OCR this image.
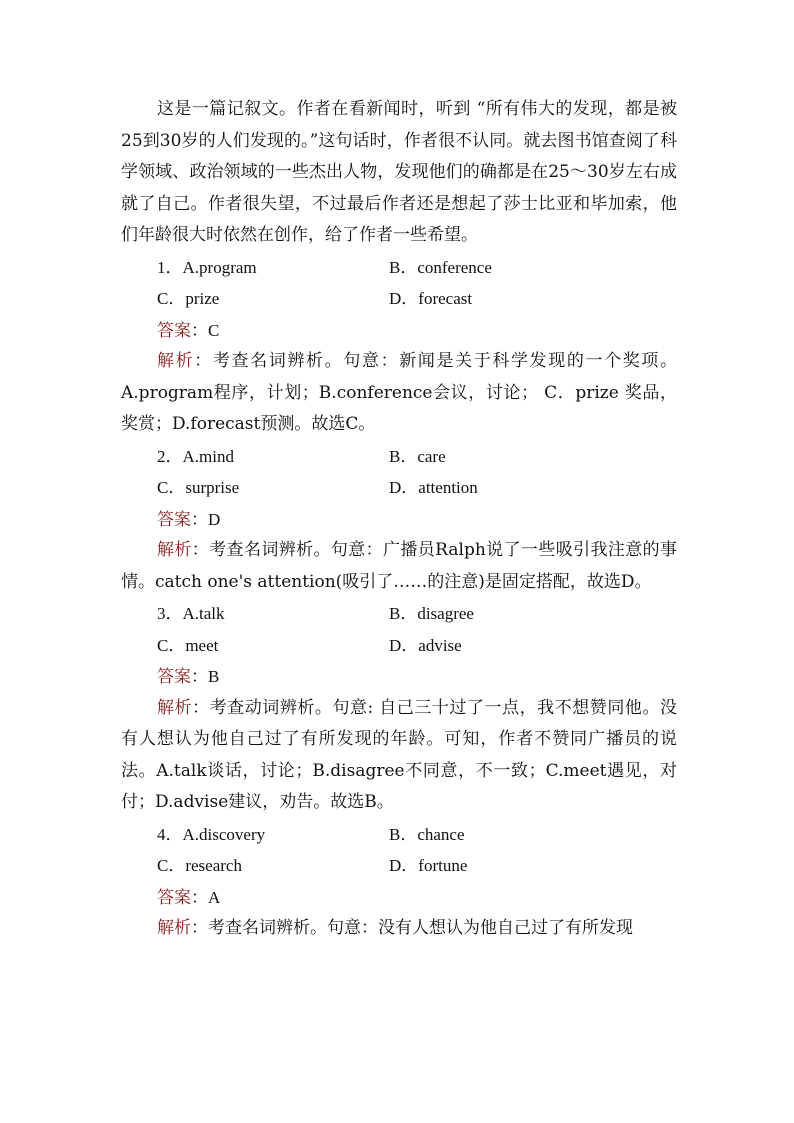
这是一篇记叙文。作者在看新闻时，听到 “所有伟大的发现，都是被25到30岁的人们发现的。”这句话时，作者很不认同。就去图书馆查阅了科学领域、政治领域的一些杰出人物，发现他们的确都是在25～30岁左右成就了自己。作者很失望，不过最后作者还是想起了莎士比亚和毕加索，他们年龄很大时依然在创作，给了作者一些希望。

1．A.program	B．conference
C．prize	D．forecast
答案：C

解析：考查名词辨析。句意：新闻是关于科学发现的一个奖项。A.program程序，计划；B.conference会议，讨论； C．prize 奖品，奖赏；D.forecast预测。故选C。

2．A.mind	B．care
C．surprise	D．attention
答案：D

解析：考查名词辨析。句意：广播员Ralph说了一些吸引我注意的事情。catch one's attention(吸引了……的注意)是固定搭配，故选D。

3．A.talk	B．disagree
C．meet	D．advise
答案：B

解析：考查动词辨析。句意: 自己三十过了一点，我不想赞同他。没有人想认为他自己过了有所发现的年龄。可知，作者不赞同广播员的说法。A.talk谈话，讨论；B.disagree不同意，不一致；C.meet遇见，对付；D.advise建议，劝告。故选B。

4．A.discovery	B．chance
C．research	D．fortune
答案：A

解析：考查名词辨析。句意：没有人想认为他自己过了有所发现
